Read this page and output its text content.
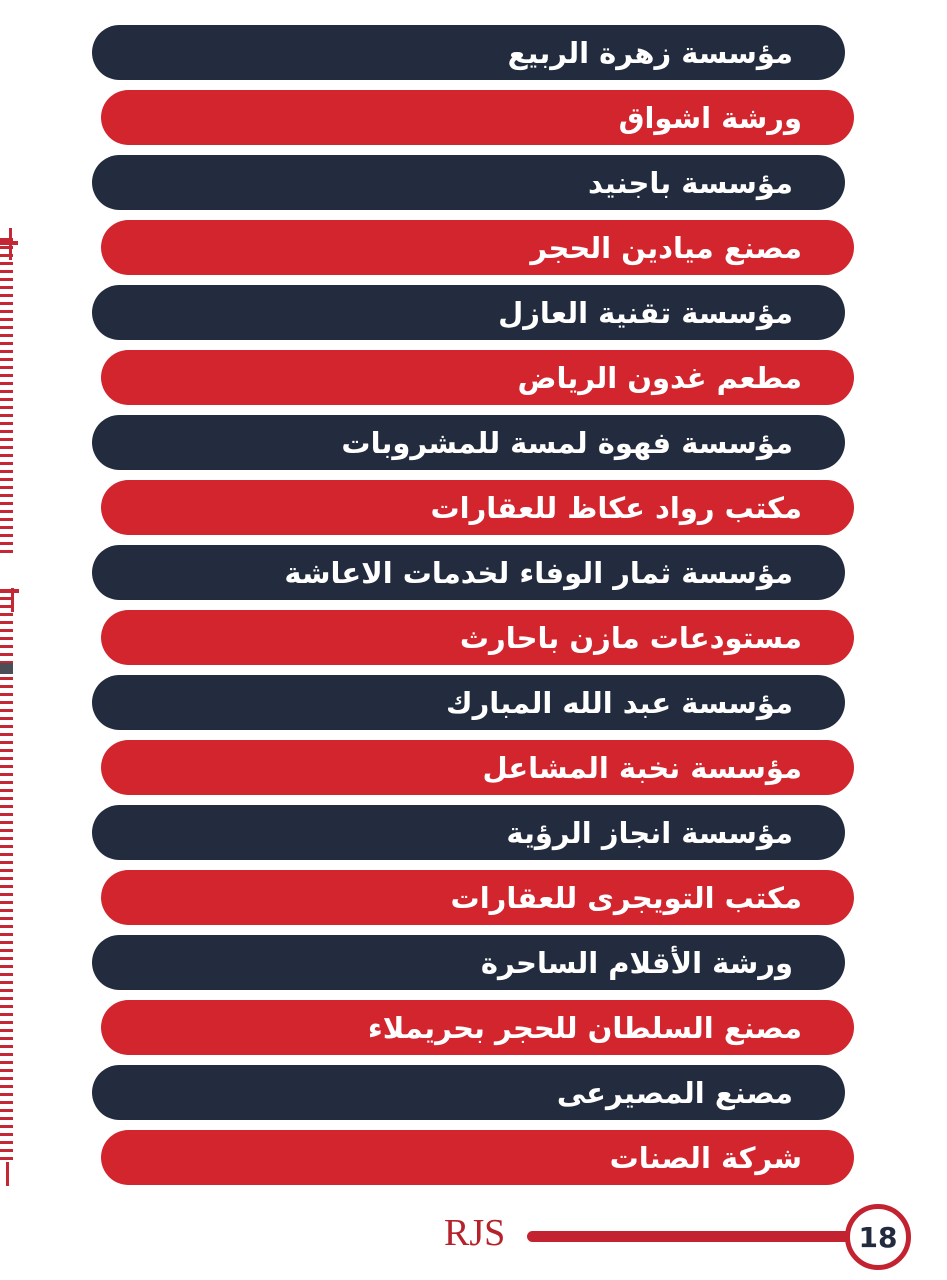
مؤسسة زهرة الربيع
ورشة اشواق
مؤسسة باجنيد
مصنع ميادين الحجر
مؤسسة تقنية العازل
مطعم غدون الرياض
مؤسسة فهوة لمسة للمشروبات
مكتب رواد عكاظ للعقارات
مؤسسة ثمار الوفاء لخدمات الاعاشة
مستودعات مازن باحارث
مؤسسة عبد الله المبارك
مؤسسة نخبة المشاعل
مؤسسة انجاز الرؤية
مكتب التويجرى للعقارات
ورشة الأقلام الساحرة
مصنع السلطان للحجر بحريملاء
مصنع المصيرعى
شركة الصنات
RJS	18
